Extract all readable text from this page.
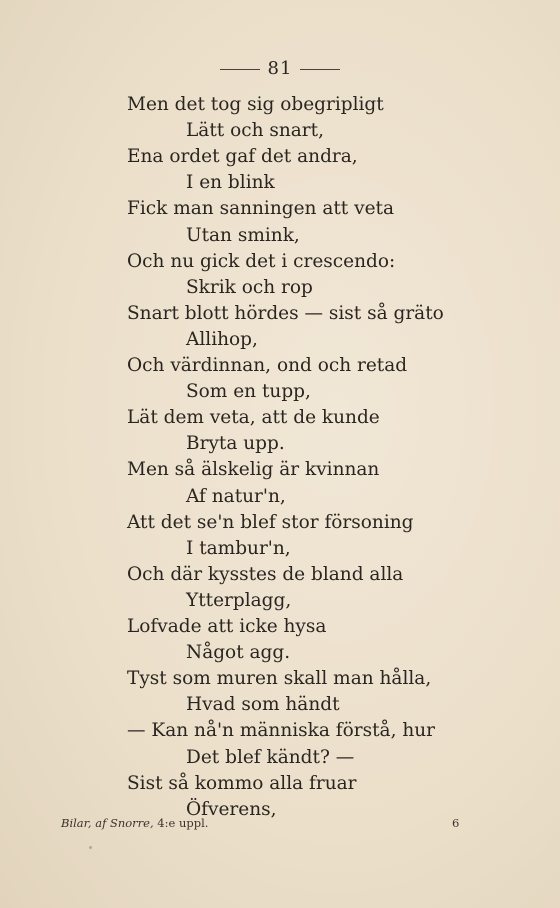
81
Men det tog sig obegripligt
Lätt och snart,
Ena ordet gaf det andra,
I en blink
Fick man sanningen att veta
Utan smink,
Och nu gick det i crescendo:
Skrik och rop
Snart blott hördes — sist så gräto
Allihop,
Och värdinnan, ond och retad
Som en tupp,
Lät dem veta, att de kunde
Bryta upp.
Men så älskelig är kvinnan
Af natur'n,
Att det se'n blef stor försoning
I tambur'n,
Och där kysstes de bland alla
Ytterplagg,
Lofvade att icke hysa
Något agg.
Tyst som muren skall man hålla,
Hvad som händt
— Kan nå'n människa förstå, hur
Det blef kändt? —
Sist så kommo alla fruar
Öfverens,
Bilar, af Snorre, 4:e uppl.	6
